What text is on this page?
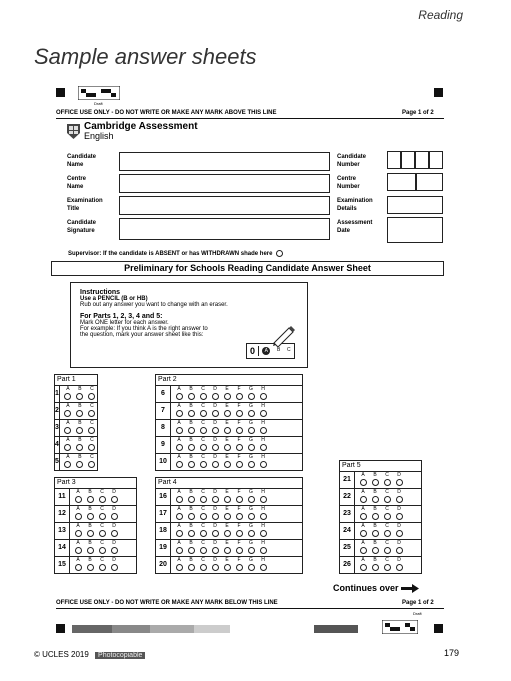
Reading
Sample answer sheets
Draft
OFFICE USE ONLY - DO NOT WRITE OR MAKE ANY MARK ABOVE THIS LINE	Page 1 of 2
Cambridge Assessment
English
Candidate
Name
Centre
Name
Examination
Title
Candidate
Signature
Candidate
Number
Centre
Number
Examination
Details
Assessment
Date
Supervisor: If the candidate is ABSENT or has WITHDRAWN shade here
Preliminary for Schools Reading Candidate Answer Sheet
Instructions
Use a PENCIL (B or HB)
Rub out any answer you want to change with an eraser.
For Parts 1, 2, 3, 4 and 5:
Mark ONE letter for each answer.
For example: If you think A is the right answer to
the question, mark your answer sheet like this:
0	A	B C
Part 1
1
A	B	C
2
A	B	C
3
A	B	C
4
A	B	C
5
A	B	C
Part 2
6
A	B	C	D	E	F	G	H
7
A	B	C	D	E	F	G	H
8
A	B	C	D	E	F	G	H
9
A	B	C	D	E	F	G	H
10
A	B	C	D	E	F	G	H
Part 3
11
A	B	C	D
12
A	B	C	D
13
A	B	C	D
14
A	B	C	D
15
A	B	C	D
Part 4
16
A	B	C	D	E	F	G	H
17
A	B	C	D	E	F	G	H
18
A	B	C	D	E	F	G	H
19
A	B	C	D	E	F	G	H
20
A	B	C	D	E	F	G	H
Part 5
21
A	B	C	D
22
A	B	C	D
23
A	B	C	D
24
A	B	C	D
25
A	B	C	D
26
A	B	C	D
Continues over
OFFICE USE ONLY - DO NOT WRITE OR MAKE ANY MARK BELOW THIS LINE	Page 1 of 2
Draft
© UCLES 2019 Photocopiable	179
